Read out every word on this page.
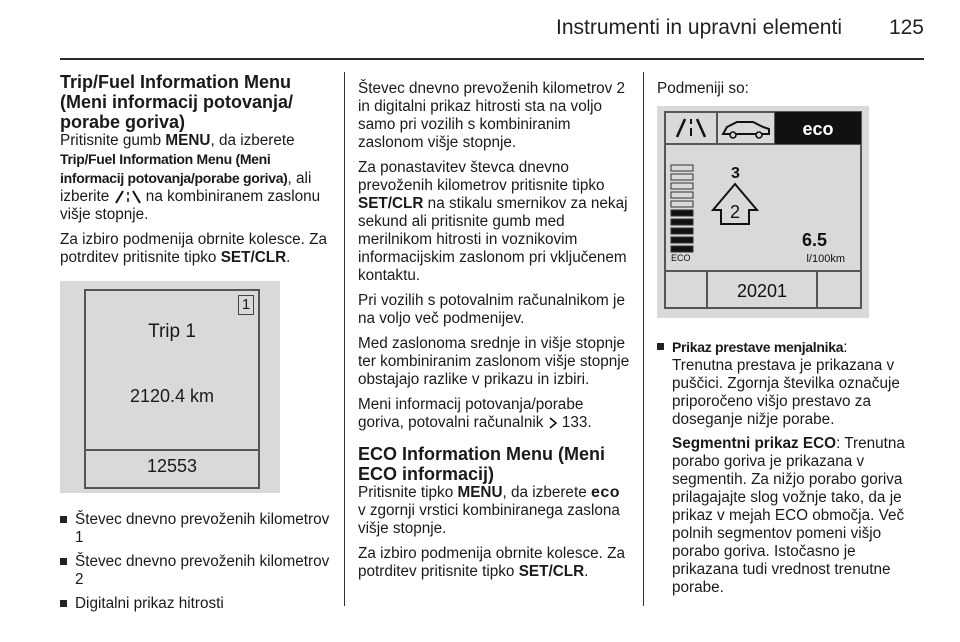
Instrumenti in upravni elementi 125
Trip/Fuel Information Menu (Meni informacij potovanja/ porabe goriva)

Pritisnite gumb MENU, da izberete Trip/Fuel Information Menu (Meni informacij potovanja/porabe goriva), ali izberite  na kombiniranem zaslonu višje stopnje.

Za izbiro podmenija obrnite kolesce. Za potrditev pritisnite tipko SET/CLR.

1
Trip 1
2120.4 km
12553
Števec dnevno prevoženih kilometrov 1
Števec dnevno prevoženih kilometrov 2
Digitalni prikaz hitrosti

Števec dnevno prevoženih kilometrov 2 in digitalni prikaz hitrosti sta na voljo samo pri vozilih s kombiniranim zaslonom višje stopnje.

Za ponastavitev števca dnevno prevoženih kilometrov pritisnite tipko SET/CLR na stikalu smernikov za nekaj sekund ali pritisnite gumb med merilnikom hitrosti in voznikovim informacijskim zaslonom pri vključenem kontaktu.

Pri vozilih s potovalnim računalnikom je na voljo več podmenijev.

Med zaslonoma srednje in višje stopnje ter kombiniranim zaslonom višje stopnje obstajajo razlike v prikazu in izbiri.

Meni informacij potovanja/porabe goriva, potovalni računalnik  133.

ECO Information Menu (Meni ECO informacij)

Pritisnite tipko MENU, da izberete eco v zgornji vrstici kombiniranega zaslona višje stopnje.

Za izbiro podmenija obrnite kolesce. Za potrditev pritisnite tipko SET/CLR.

Podmeniji so:

eco
ECO
3
2
6.5
l/100km
20201
Prikaz prestave menjalnika:
Trenutna prestava je prikazana v puščici. Zgornja številka označuje priporočeno višjo prestavo za doseganje nižje porabe.
Segmentni prikaz ECO: Trenutna porabo goriva je prikazana v segmentih. Za nižjo porabo goriva prilagajajte slog vožnje tako, da je prikaz v mejah ECO območja. Več polnih segmentov pomeni višjo porabo goriva. Istočasno je prikazana tudi vrednost trenutne porabe.
